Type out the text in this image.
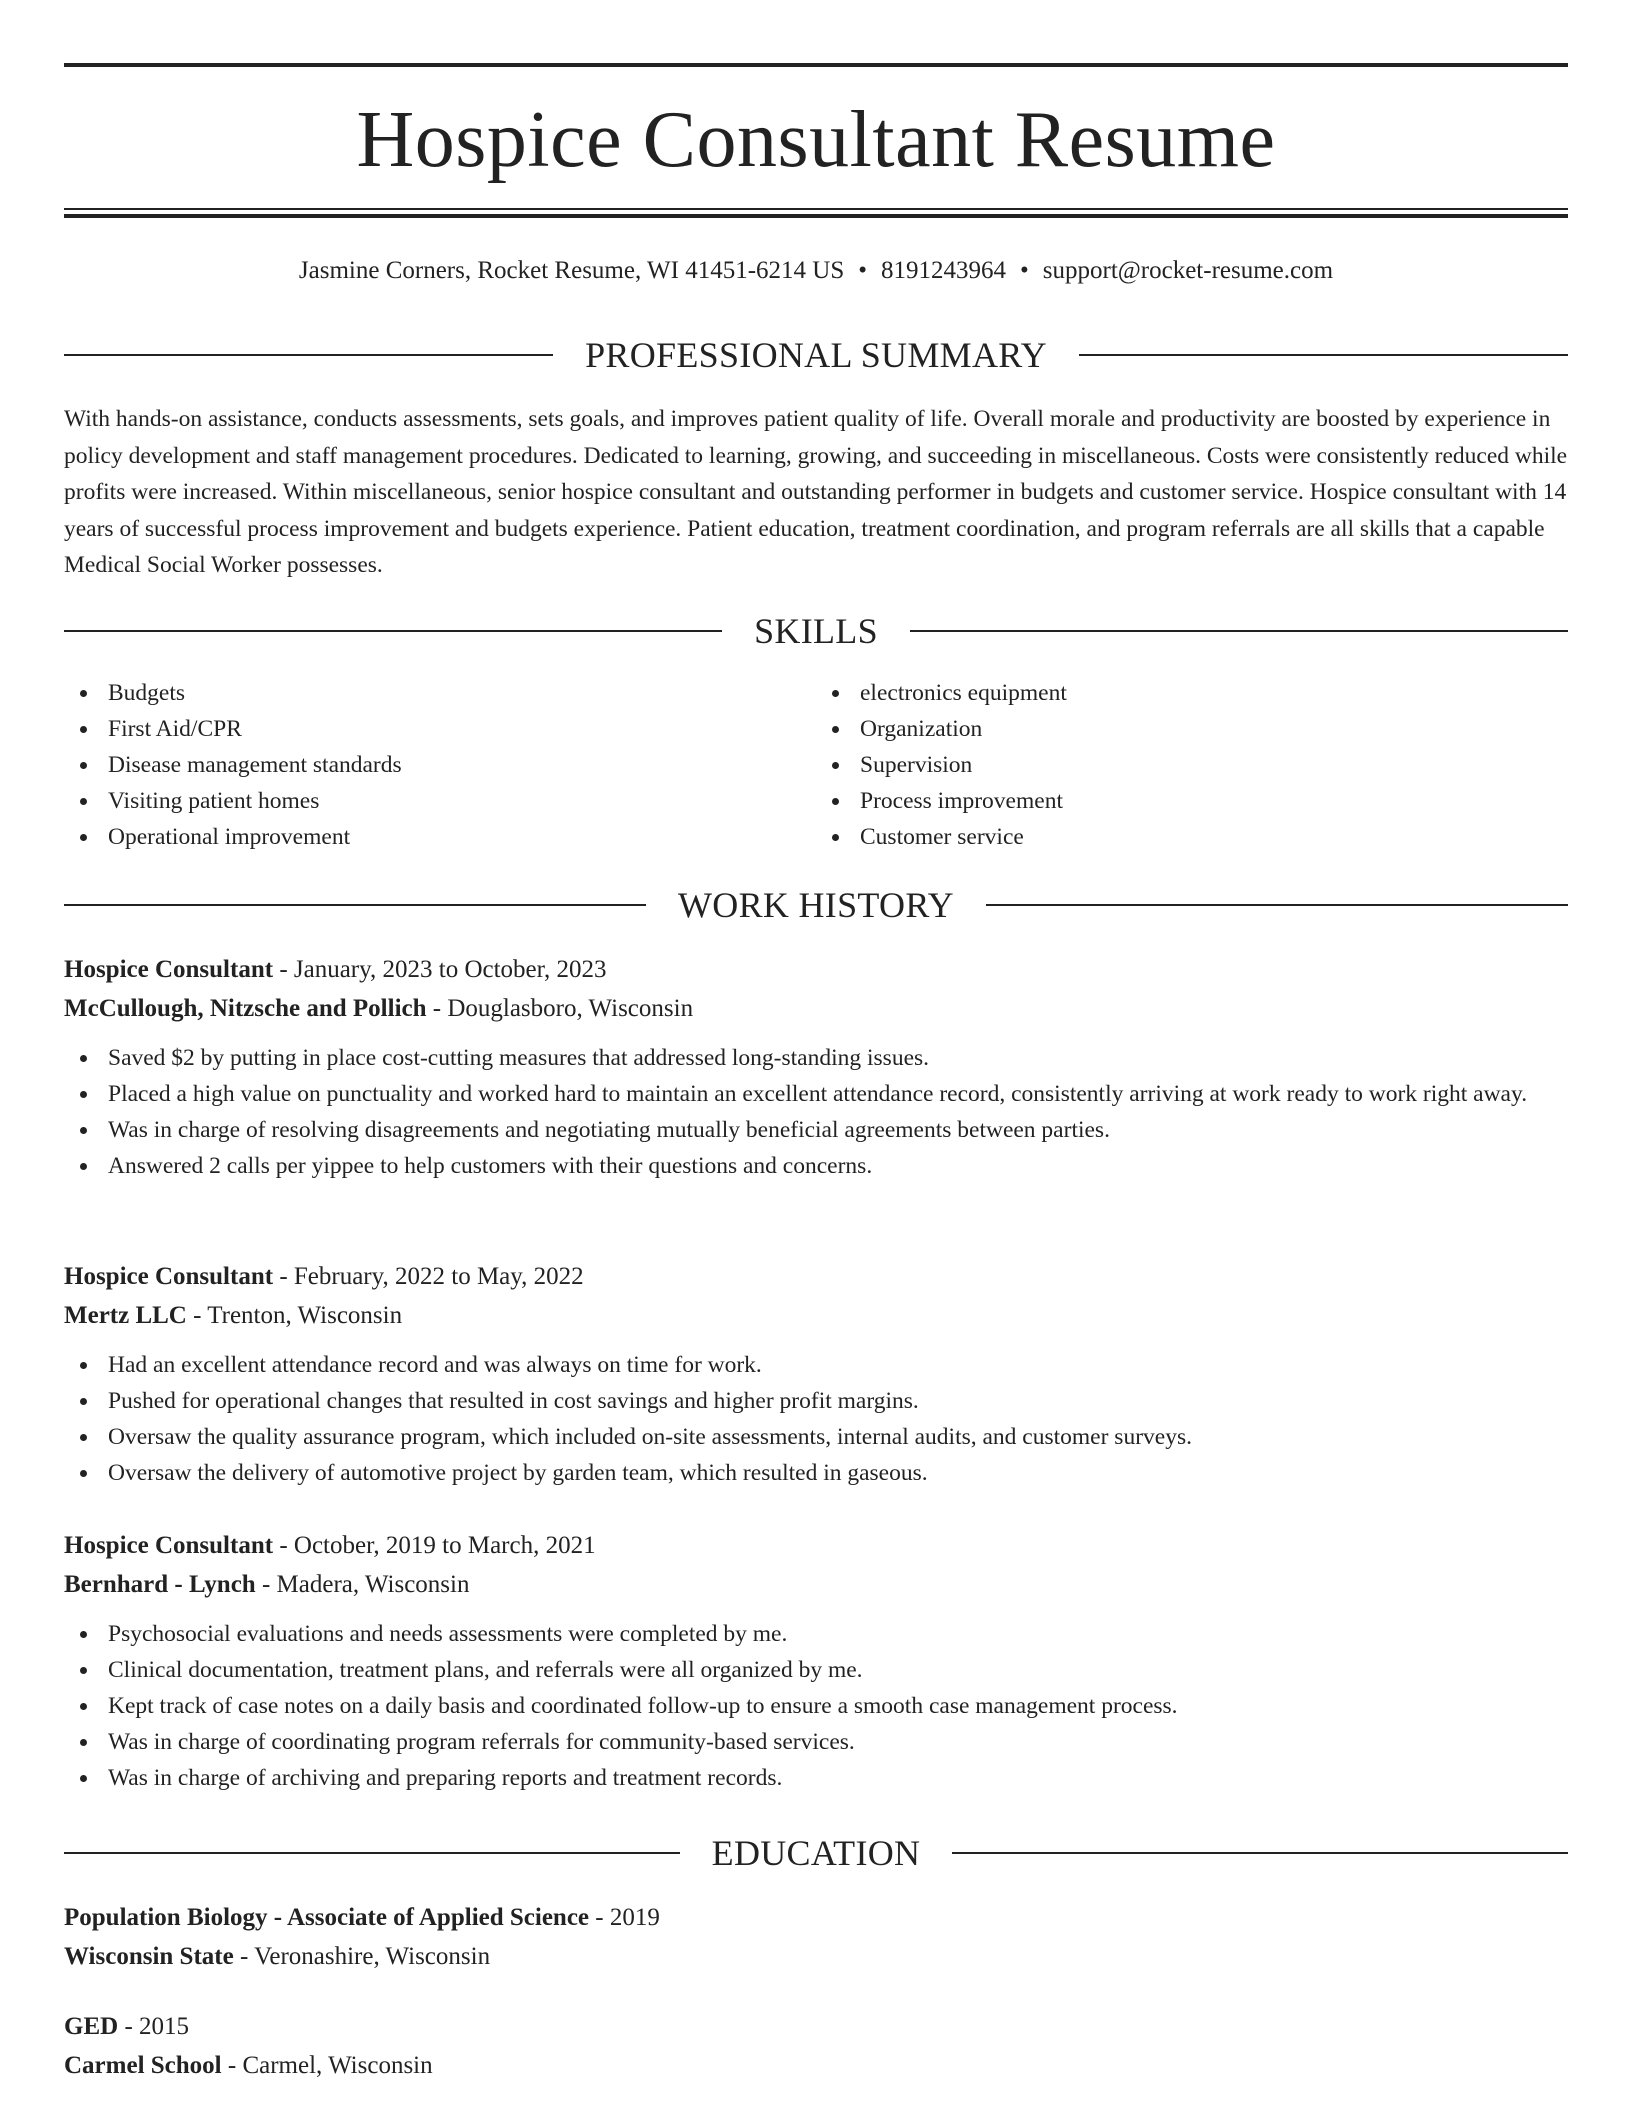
Hospice Consultant Resume
Jasmine Corners, Rocket Resume, WI 41451-6214 US • 8191243964 • support@rocket-resume.com
PROFESSIONAL SUMMARY

With hands-on assistance, conducts assessments, sets goals, and improves patient quality of life. Overall morale and productivity are boosted by experience in policy development and staff management procedures. Dedicated to learning, growing, and succeeding in miscellaneous. Costs were consistently reduced while profits were increased. Within miscellaneous, senior hospice consultant and outstanding performer in budgets and customer service. Hospice consultant with 14 years of successful process improvement and budgets experience. Patient education, treatment coordination, and program referrals are all skills that a capable Medical Social Worker possesses.

SKILLS
Budgets
First Aid/CPR
Disease management standards
Visiting patient homes
Operational improvement
electronics equipment
Organization
Supervision
Process improvement
Customer service
WORK HISTORY
Hospice Consultant - January, 2023 to October, 2023
McCullough, Nitzsche and Pollich - Douglasboro, Wisconsin
Saved $2 by putting in place cost-cutting measures that addressed long-standing issues.
Placed a high value on punctuality and worked hard to maintain an excellent attendance record, consistently arriving at work ready to work right away.
Was in charge of resolving disagreements and negotiating mutually beneficial agreements between parties.
Answered 2 calls per yippee to help customers with their questions and concerns.
Hospice Consultant - February, 2022 to May, 2022
Mertz LLC - Trenton, Wisconsin
Had an excellent attendance record and was always on time for work.
Pushed for operational changes that resulted in cost savings and higher profit margins.
Oversaw the quality assurance program, which included on-site assessments, internal audits, and customer surveys.
Oversaw the delivery of automotive project by garden team, which resulted in gaseous.
Hospice Consultant - October, 2019 to March, 2021
Bernhard - Lynch - Madera, Wisconsin
Psychosocial evaluations and needs assessments were completed by me.
Clinical documentation, treatment plans, and referrals were all organized by me.
Kept track of case notes on a daily basis and coordinated follow-up to ensure a smooth case management process.
Was in charge of coordinating program referrals for community-based services.
Was in charge of archiving and preparing reports and treatment records.
EDUCATION
Population Biology - Associate of Applied Science - 2019
Wisconsin State - Veronashire, Wisconsin
GED - 2015
Carmel School - Carmel, Wisconsin
